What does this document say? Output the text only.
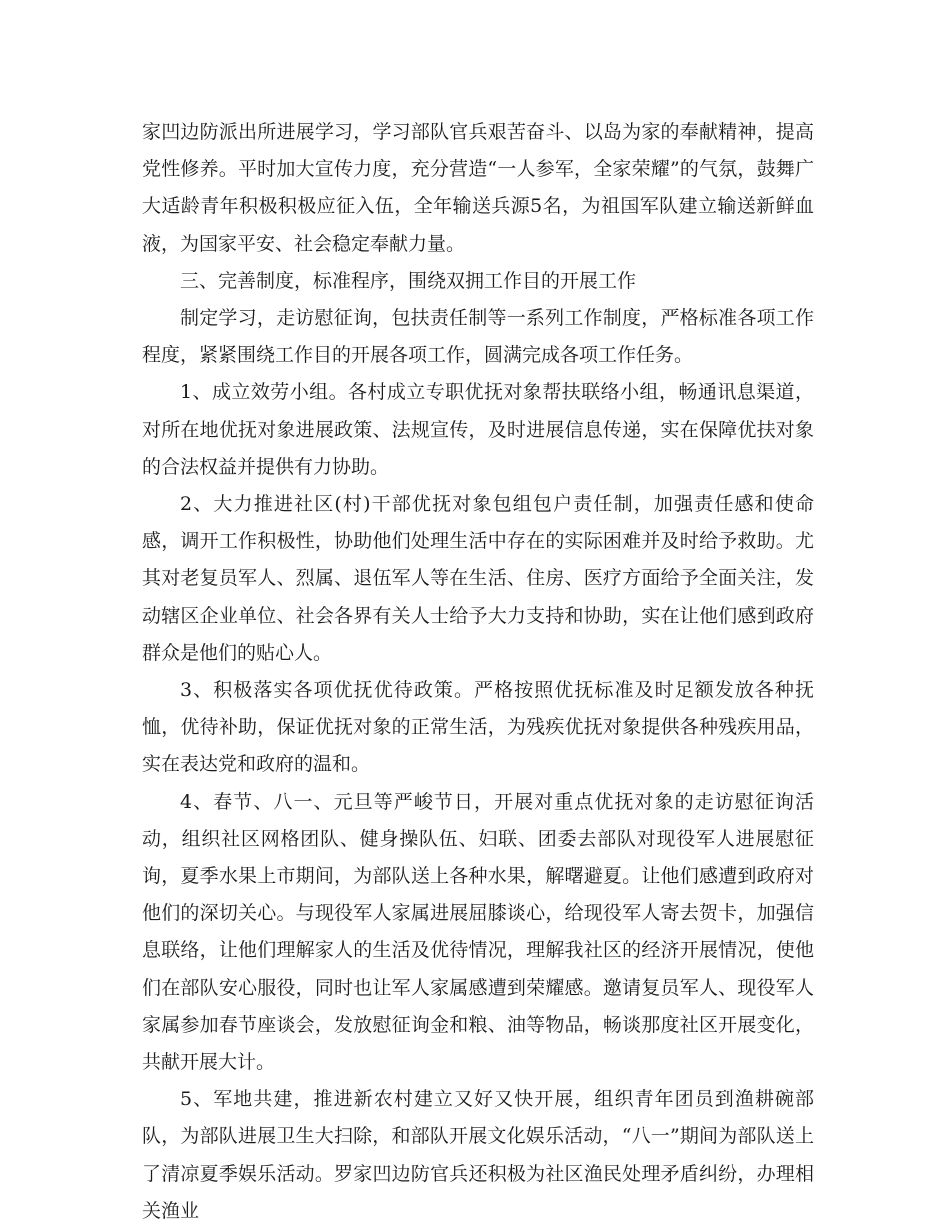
家凹边防派出所进展学习，学习部队官兵艰苦奋斗、以岛为家的奉献精神，提高党性修养。平时加大宣传力度，充分营造“一人参军，全家荣耀”的气氛，鼓舞广大适龄青年积极积极应征入伍，全年输送兵源5名，为祖国军队建立输送新鲜血液，为国家平安、社会稳定奉献力量。

三、完善制度，标准程序，围绕双拥工作目的开展工作

制定学习，走访慰征询，包扶责任制等一系列工作制度，严格标准各项工作程度，紧紧围绕工作目的开展各项工作，圆满完成各项工作任务。

1、成立效劳小组。各村成立专职优抚对象帮扶联络小组，畅通讯息渠道，对所在地优抚对象进展政策、法规宣传，及时进展信息传递，实在保障优扶对象的合法权益并提供有力协助。

2、大力推进社区(村)干部优抚对象包组包户责任制，加强责任感和使命感，调开工作积极性，协助他们处理生活中存在的实际困难并及时给予救助。尤其对老复员军人、烈属、退伍军人等在生活、住房、医疗方面给予全面关注，发动辖区企业单位、社会各界有关人士给予大力支持和协助，实在让他们感到政府群众是他们的贴心人。

3、积极落实各项优抚优待政策。严格按照优抚标准及时足额发放各种抚恤，优待补助，保证优抚对象的正常生活，为残疾优抚对象提供各种残疾用品，实在表达党和政府的温和。

4、春节、八一、元旦等严峻节日，开展对重点优抚对象的走访慰征询活动，组织社区网格团队、健身操队伍、妇联、团委去部队对现役军人进展慰征询，夏季水果上市期间，为部队送上各种水果，解曙避夏。让他们感遭到政府对他们的深切关心。与现役军人家属进展屈膝谈心，给现役军人寄去贺卡，加强信息联络，让他们理解家人的生活及优待情况，理解我社区的经济开展情况，使他们在部队安心服役，同时也让军人家属感遭到荣耀感。邀请复员军人、现役军人家属参加春节座谈会，发放慰征询金和粮、油等物品，畅谈那度社区开展变化，共献开展大计。

5、军地共建，推进新农村建立又好又快开展，组织青年团员到渔耕碗部队，为部队进展卫生大扫除，和部队开展文化娱乐活动，“八一”期间为部队送上了清凉夏季娱乐活动。罗家凹边防官兵还积极为社区渔民处理矛盾纠纷，办理相关渔业
